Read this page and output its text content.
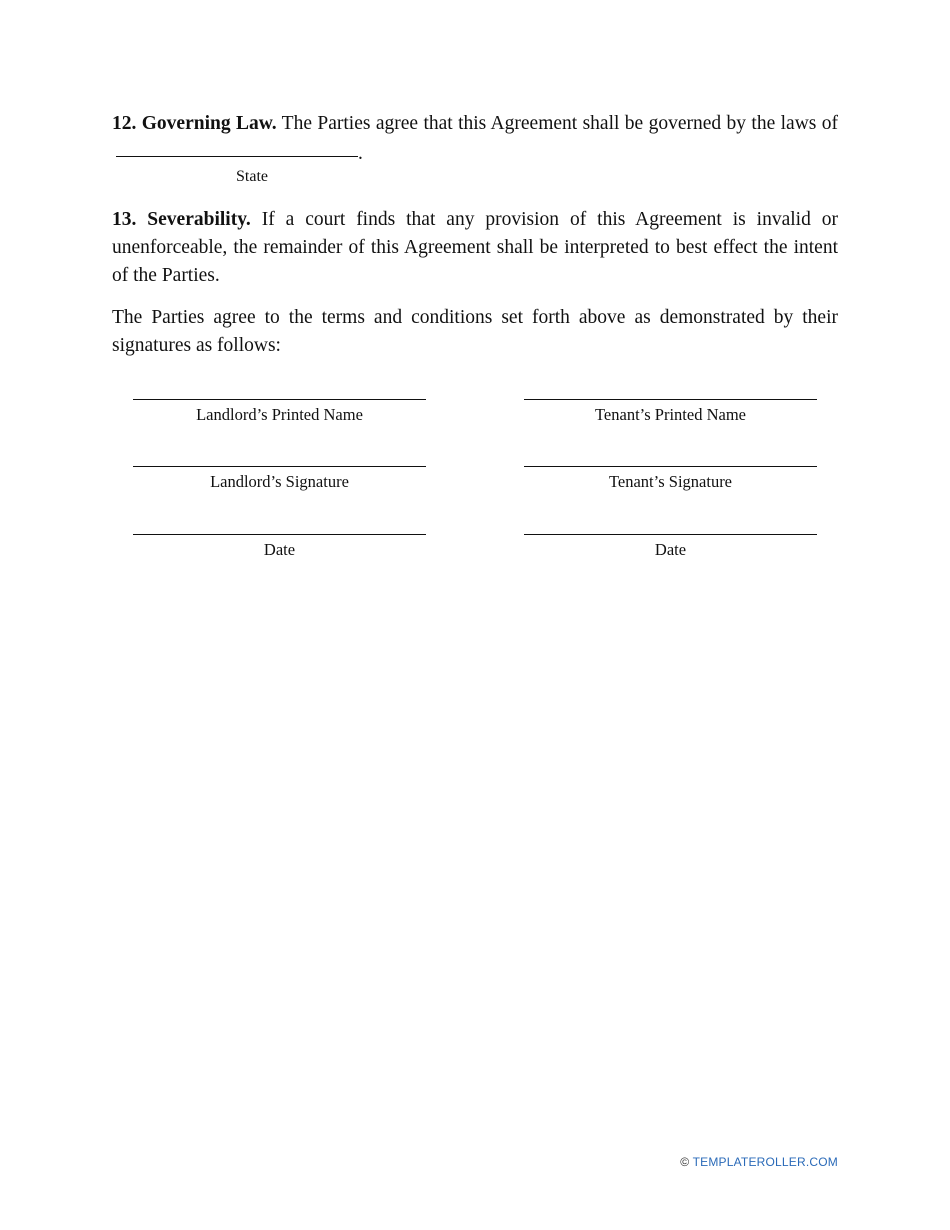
12. Governing Law. The Parties agree that this Agreement shall be governed by the laws of.
State
13. Severability. If a court finds that any provision of this Agreement is invalid or unenforceable, the remainder of this Agreement shall be interpreted to best effect the intent of the Parties.
The Parties agree to the terms and conditions set forth above as demonstrated by their signatures as follows:
Landlord’s Printed Name	Tenant’s Printed Name
Landlord’s Signature	Tenant’s Signature
Date	Date
© TEMPLATEROLLER.COM
